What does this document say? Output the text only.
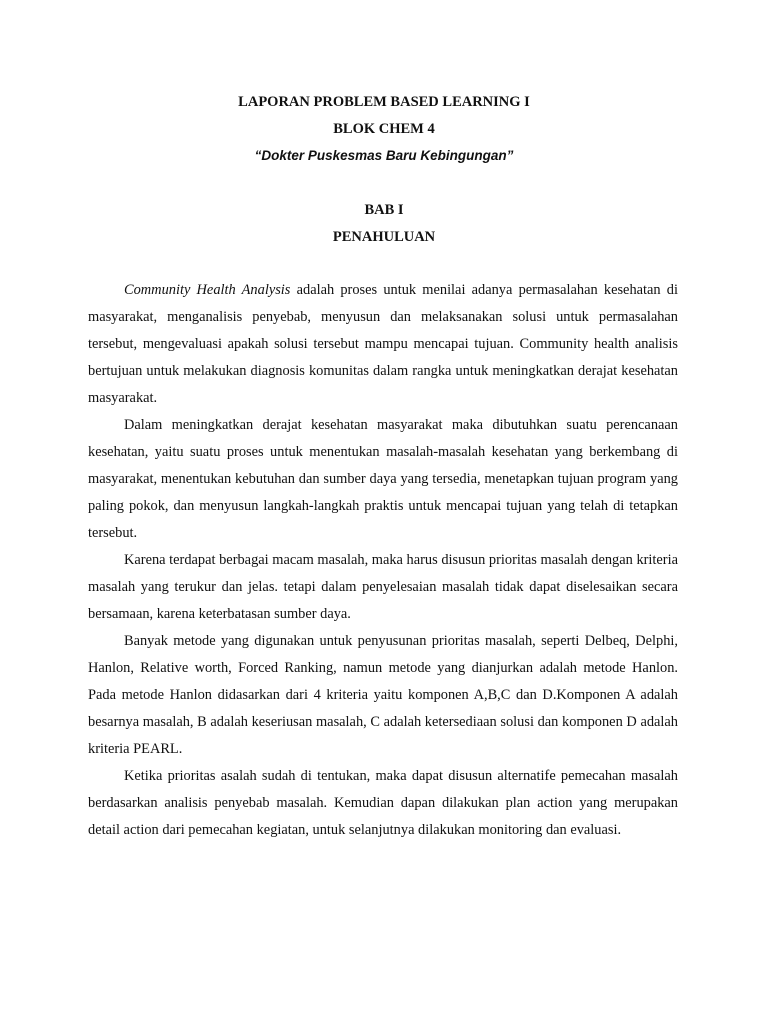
LAPORAN PROBLEM BASED LEARNING I
BLOK CHEM 4
“Dokter Puskesmas Baru Kebingungan”
BAB I
PENAHULUAN

Community Health Analysis adalah proses untuk menilai adanya permasalahan kesehatan di masyarakat, menganalisis penyebab, menyusun dan melaksanakan solusi untuk permasalahan tersebut, mengevaluasi apakah solusi tersebut mampu mencapai tujuan. Community health analisis bertujuan untuk melakukan diagnosis komunitas dalam rangka untuk meningkatkan derajat kesehatan masyarakat.

Dalam meningkatkan derajat kesehatan masyarakat maka dibutuhkan suatu perencanaan kesehatan, yaitu suatu proses untuk menentukan masalah-masalah kesehatan yang berkembang di masyarakat, menentukan kebutuhan dan sumber daya yang tersedia, menetapkan tujuan program yang paling pokok, dan menyusun langkah-langkah praktis untuk mencapai tujuan yang telah di tetapkan tersebut.

Karena terdapat berbagai macam masalah, maka harus disusun prioritas masalah dengan kriteria masalah yang terukur dan jelas. tetapi dalam penyelesaian masalah tidak dapat diselesaikan secara bersamaan, karena keterbatasan sumber daya.

Banyak metode yang digunakan untuk penyusunan prioritas masalah, seperti Delbeq, Delphi, Hanlon, Relative worth, Forced Ranking, namun metode yang dianjurkan adalah metode Hanlon. Pada metode Hanlon didasarkan dari 4 kriteria yaitu komponen A,B,C dan D.Komponen A adalah besarnya masalah, B adalah keseriusan masalah, C adalah ketersediaan solusi dan komponen D adalah kriteria PEARL.

Ketika prioritas asalah sudah di tentukan, maka dapat disusun alternatife pemecahan masalah berdasarkan analisis penyebab masalah. Kemudian dapan dilakukan plan action yang merupakan detail action dari pemecahan kegiatan, untuk selanjutnya dilakukan monitoring dan evaluasi.
